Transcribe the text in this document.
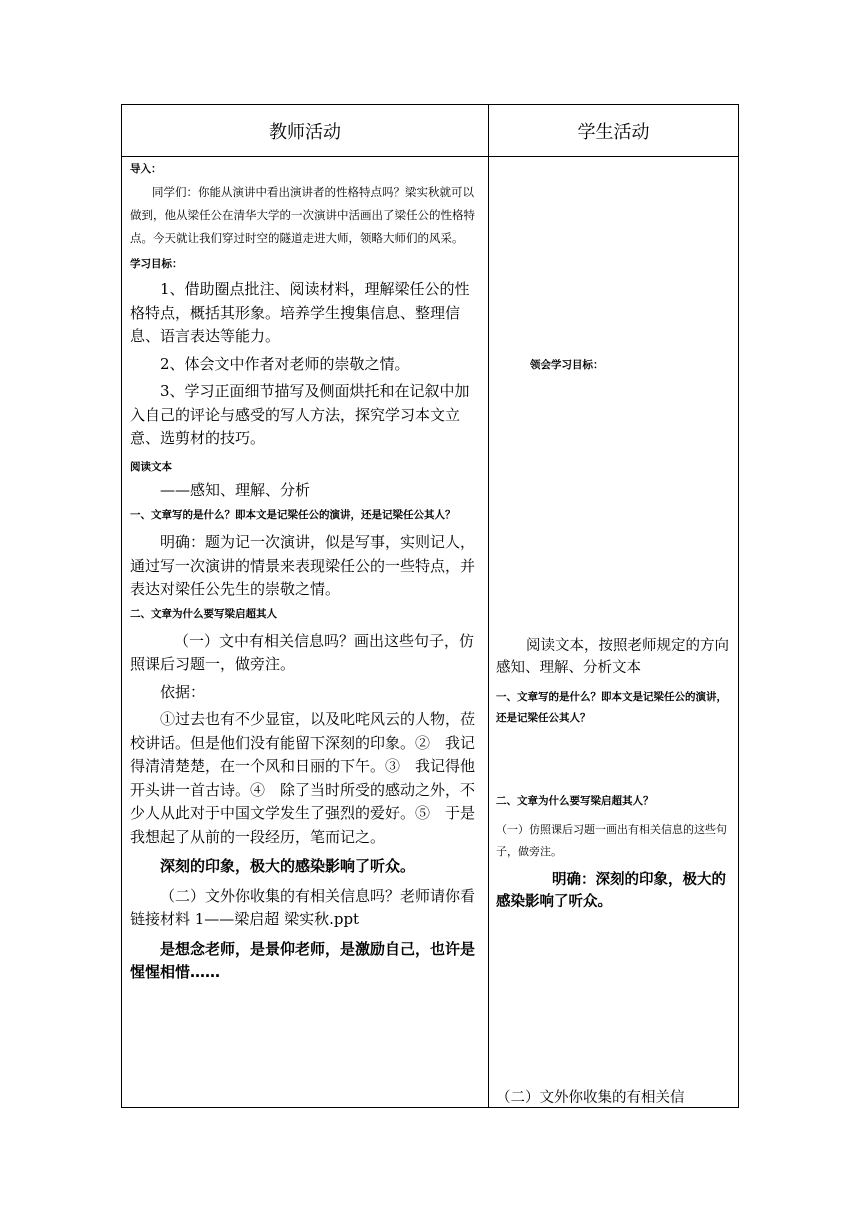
教师活动	学生活动

导入：

同学们：你能从演讲中看出演讲者的性格特点吗？梁实秋就可以做到，他从梁任公在清华大学的一次演讲中活画出了梁任公的性格特点。今天就让我们穿过时空的隧道走进大师，领略大师们的风采。

学习目标：

1、借助圈点批注、阅读材料，理解梁任公的性格特点，概括其形象。培养学生搜集信息、整理信息、语言表达等能力。

2、体会文中作者对老师的崇敬之情。

3、学习正面细节描写及侧面烘托和在记叙中加入自己的评论与感受的写人方法，探究学习本文立意、选剪材的技巧。

阅读文本

——感知、理解、分析

一、文章写的是什么？即本文是记梁任公的演讲，还是记梁任公其人？

明确：题为记一次演讲，似是写事，实则记人，通过写一次演讲的情景来表现梁任公的一些特点，并表达对梁任公先生的崇敬之情。

二、文章为什么要写梁启超其人

（一）文中有相关信息吗？画出这些句子，仿照课后习题一，做旁注。

依据：

①过去也有不少显宦，以及叱咤风云的人物，莅校讲话。但是他们没有能留下深刻的印象。②　我记得清清楚楚，在一个风和日丽的下午。③　我记得他开头讲一首古诗。④　除了当时所受的感动之外，不少人从此对于中国文学发生了强烈的爱好。⑤　于是我想起了从前的一段经历，笔而记之。

深刻的印象，极大的感染影响了听众。

（二）文外你收集的有相关信息吗？老师请你看链接材料 1——梁启超 梁实秋.ppt

是想念老师，是景仰老师，是激励自己，也许是惺惺相惜……

领会学习目标：

阅读文本，按照老师规定的方向感知、理解、分析文本

一、文章写的是什么？即本文是记梁任公的演讲，还是记梁任公其人？

二、文章为什么要写梁启超其人？

（一）仿照课后习题一画出有相关信息的这些句子，做旁注。

明确：深刻的印象，极大的感染影响了听众。

（二）文外你收集的有相关信
